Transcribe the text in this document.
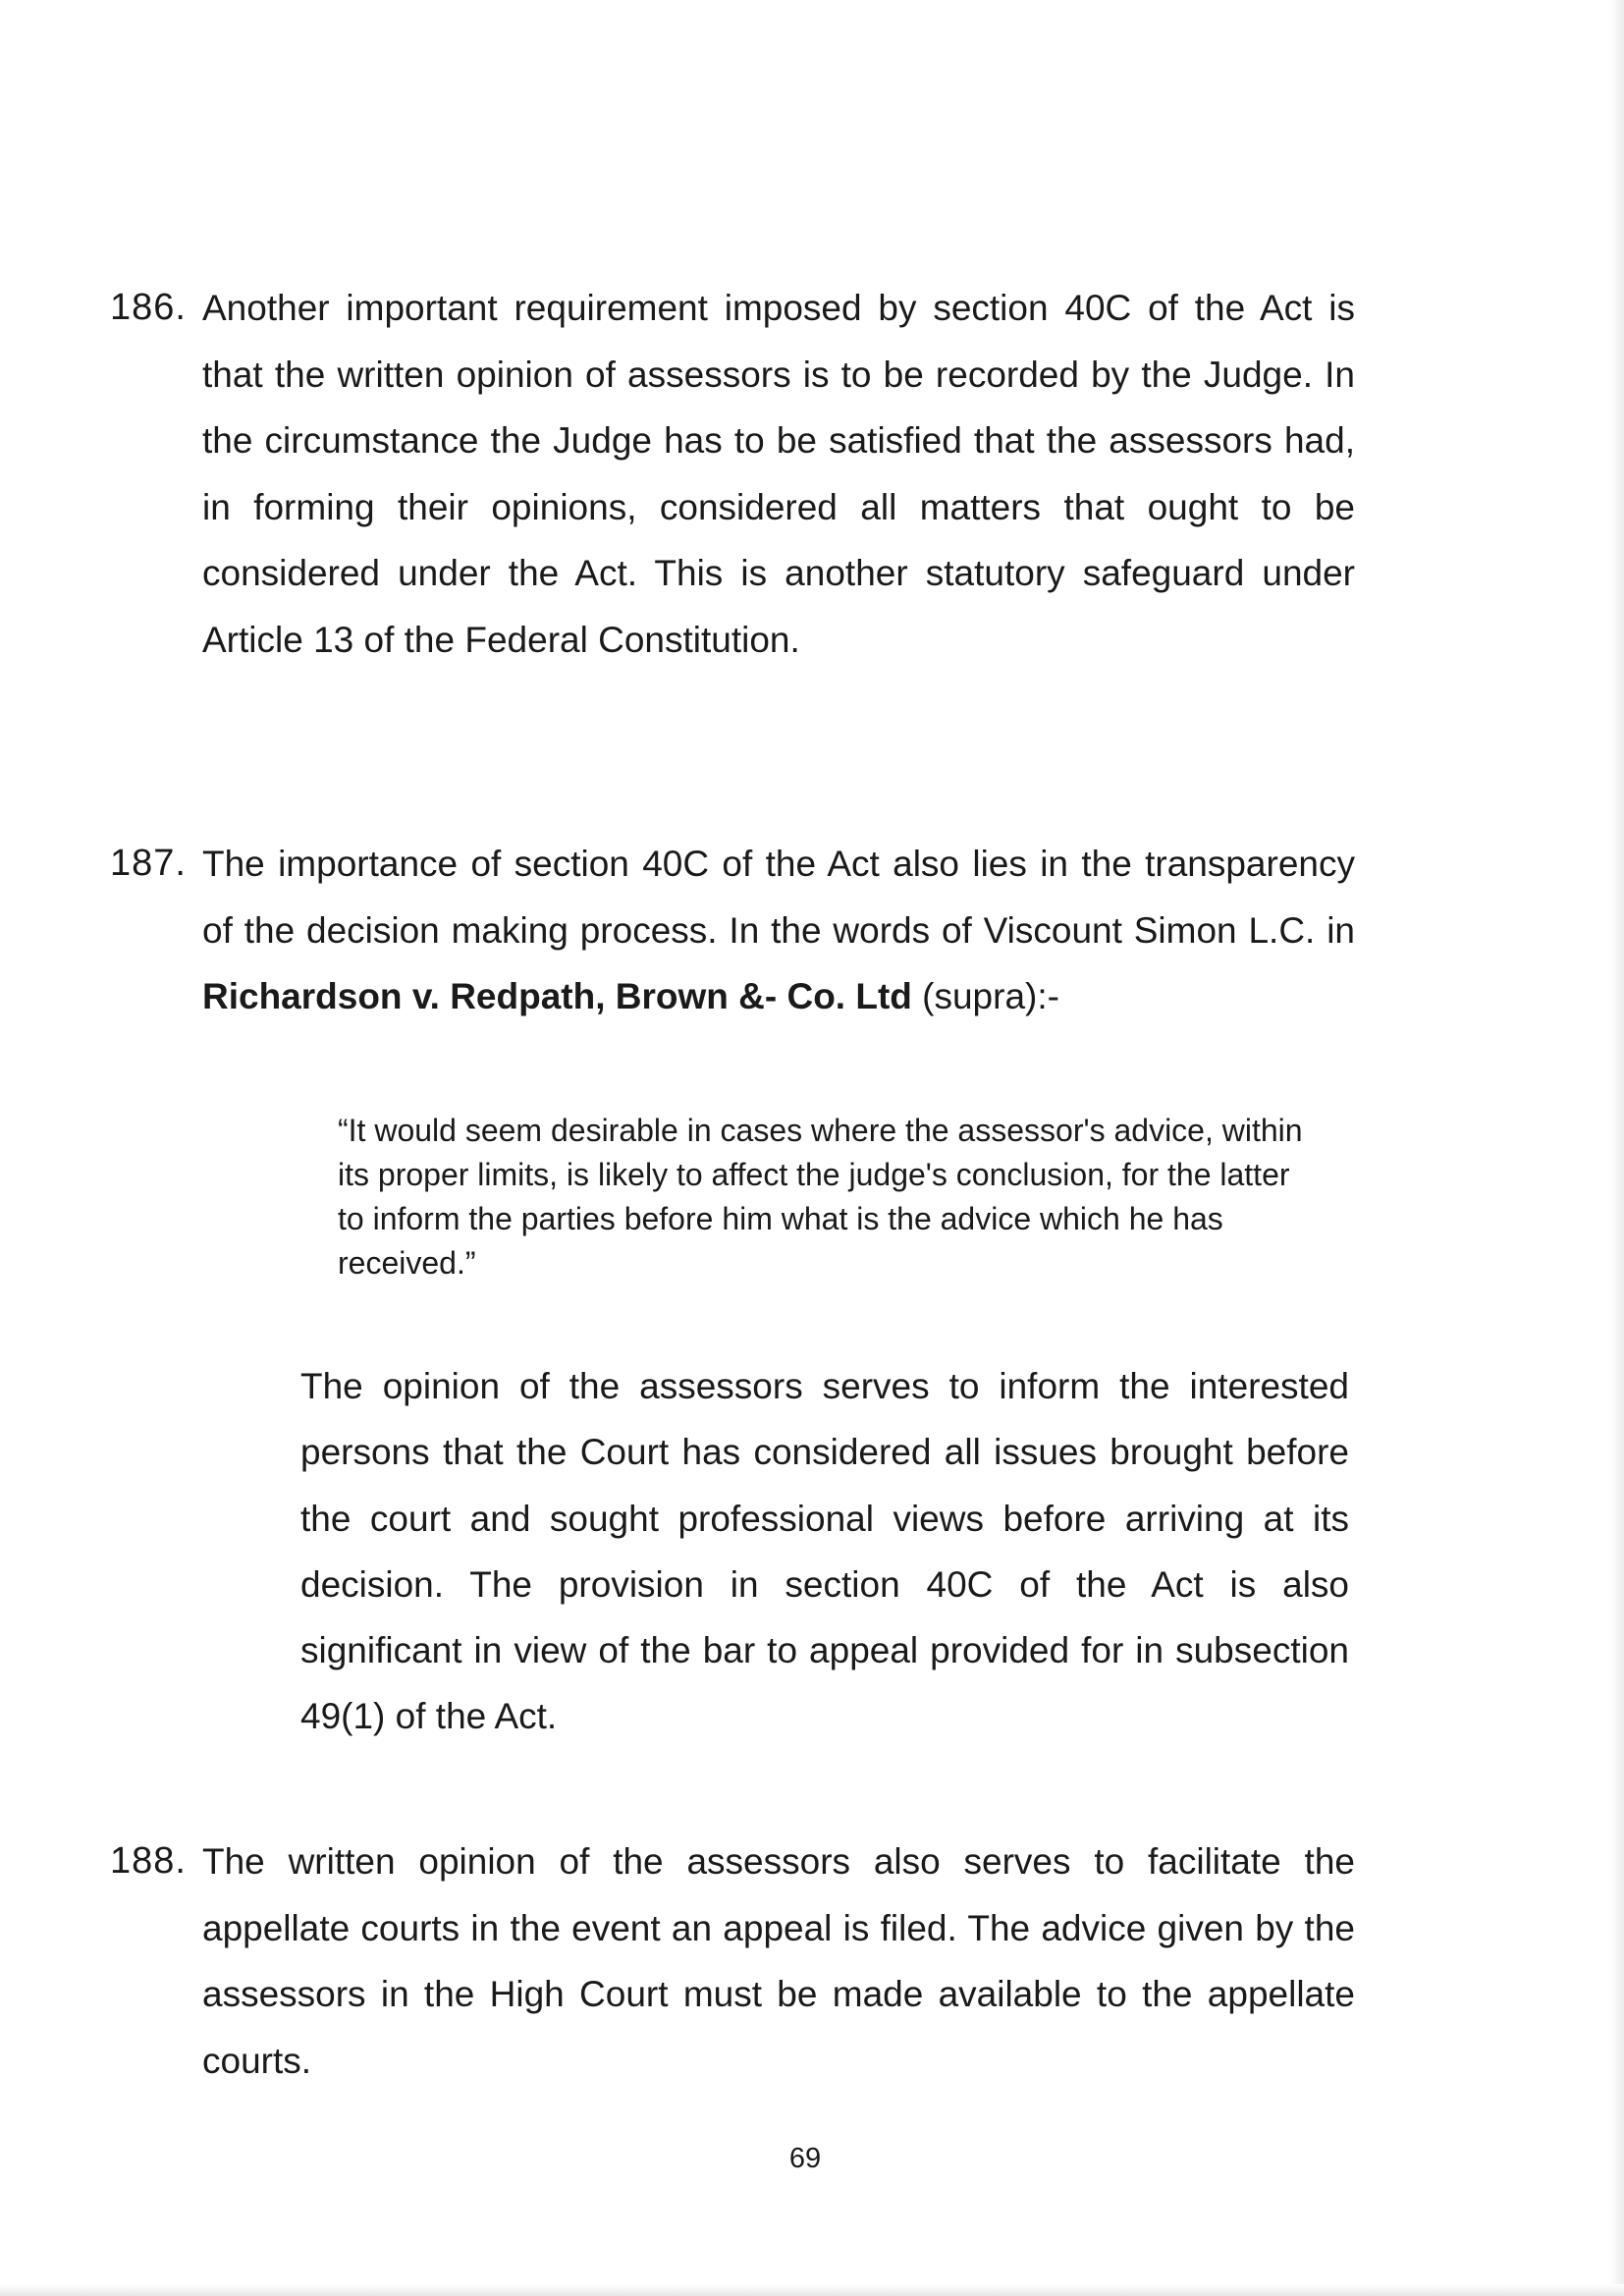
186. Another important requirement imposed by section 40C of the Act is that the written opinion of assessors is to be recorded by the Judge. In the circumstance the Judge has to be satisfied that the assessors had, in forming their opinions, considered all matters that ought to be considered under the Act. This is another statutory safeguard under Article 13 of the Federal Constitution.

187. The importance of section 40C of the Act also lies in the transparency of the decision making process. In the words of Viscount Simon L.C. in Richardson v. Redpath, Brown &- Co. Ltd (supra):-

“It would seem desirable in cases where the assessor's advice, within its proper limits, is likely to affect the judge's conclusion, for the latter to inform the parties before him what is the advice which he has received.”

The opinion of the assessors serves to inform the interested persons that the Court has considered all issues brought before the court and sought professional views before arriving at its decision. The provision in section 40C of the Act is also significant in view of the bar to appeal provided for in subsection 49(1) of the Act.

188. The written opinion of the assessors also serves to facilitate the appellate courts in the event an appeal is filed. The advice given by the assessors in the High Court must be made available to the appellate courts.

69
